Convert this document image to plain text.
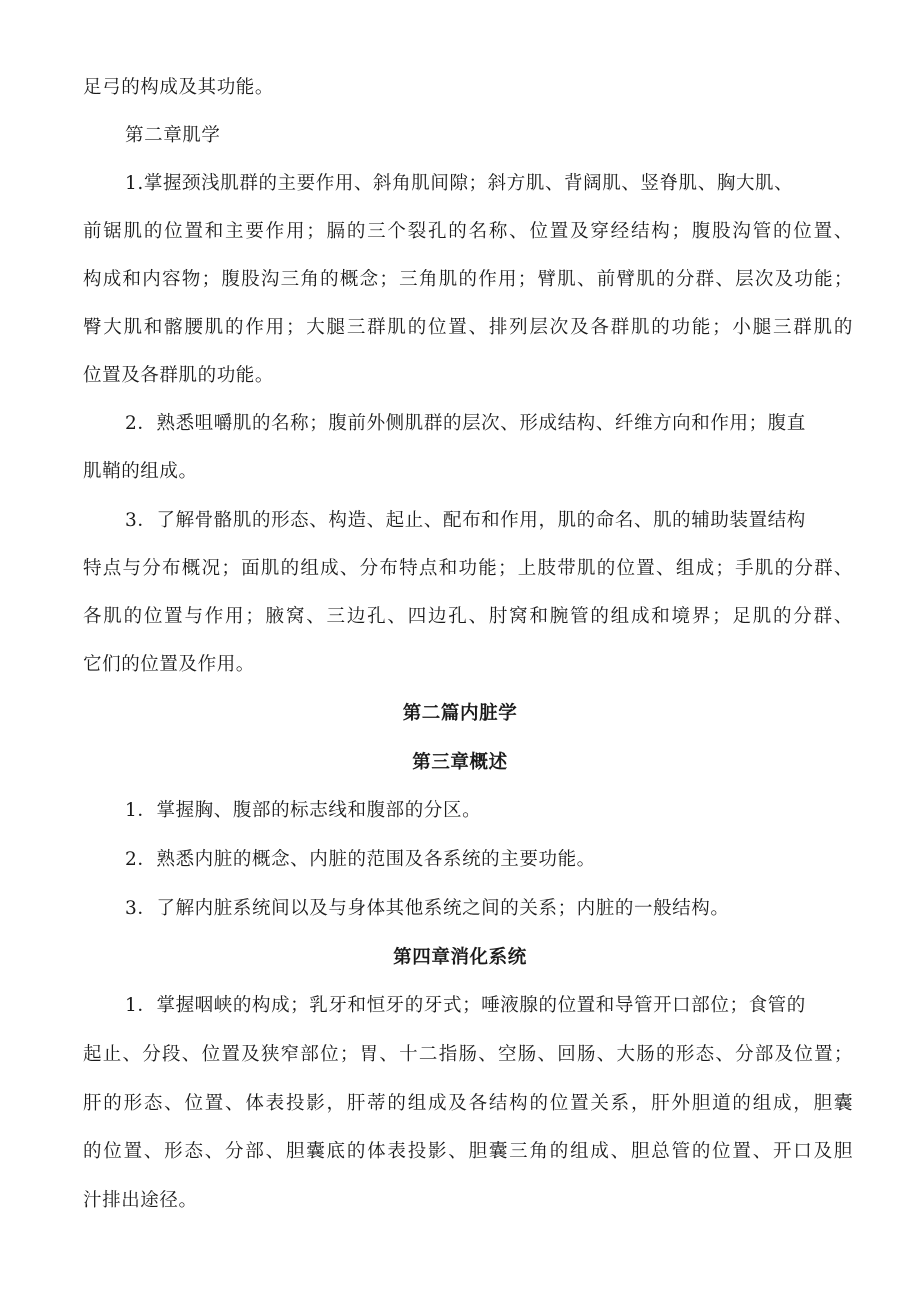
足弓的构成及其功能。
第二章肌学
1.掌握颈浅肌群的主要作用、斜角肌间隙；斜方肌、背阔肌、竖脊肌、胸大肌、
前锯肌的位置和主要作用；膈的三个裂孔的名称、位置及穿经结构；腹股沟管的位置、
构成和内容物；腹股沟三角的概念；三角肌的作用；臂肌、前臂肌的分群、层次及功能；
臀大肌和髂腰肌的作用；大腿三群肌的位置、排列层次及各群肌的功能；小腿三群肌的
位置及各群肌的功能。
2．熟悉咀嚼肌的名称；腹前外侧肌群的层次、形成结构、纤维方向和作用；腹直
肌鞘的组成。
3．了解骨骼肌的形态、构造、起止、配布和作用，肌的命名、肌的辅助装置结构
特点与分布概况；面肌的组成、分布特点和功能；上肢带肌的位置、组成；手肌的分群、
各肌的位置与作用；腋窝、三边孔、四边孔、肘窝和腕管的组成和境界；足肌的分群、
它们的位置及作用。
第二篇内脏学
第三章概述
1．掌握胸、腹部的标志线和腹部的分区。
2．熟悉内脏的概念、内脏的范围及各系统的主要功能。
3．了解内脏系统间以及与身体其他系统之间的关系；内脏的一般结构。
第四章消化系统
1．掌握咽峡的构成；乳牙和恒牙的牙式；唾液腺的位置和导管开口部位；食管的
起止、分段、位置及狭窄部位；胃、十二指肠、空肠、回肠、大肠的形态、分部及位置；
肝的形态、位置、体表投影，肝蒂的组成及各结构的位置关系，肝外胆道的组成，胆囊
的位置、形态、分部、胆囊底的体表投影、胆囊三角的组成、胆总管的位置、开口及胆
汁排出途径。
